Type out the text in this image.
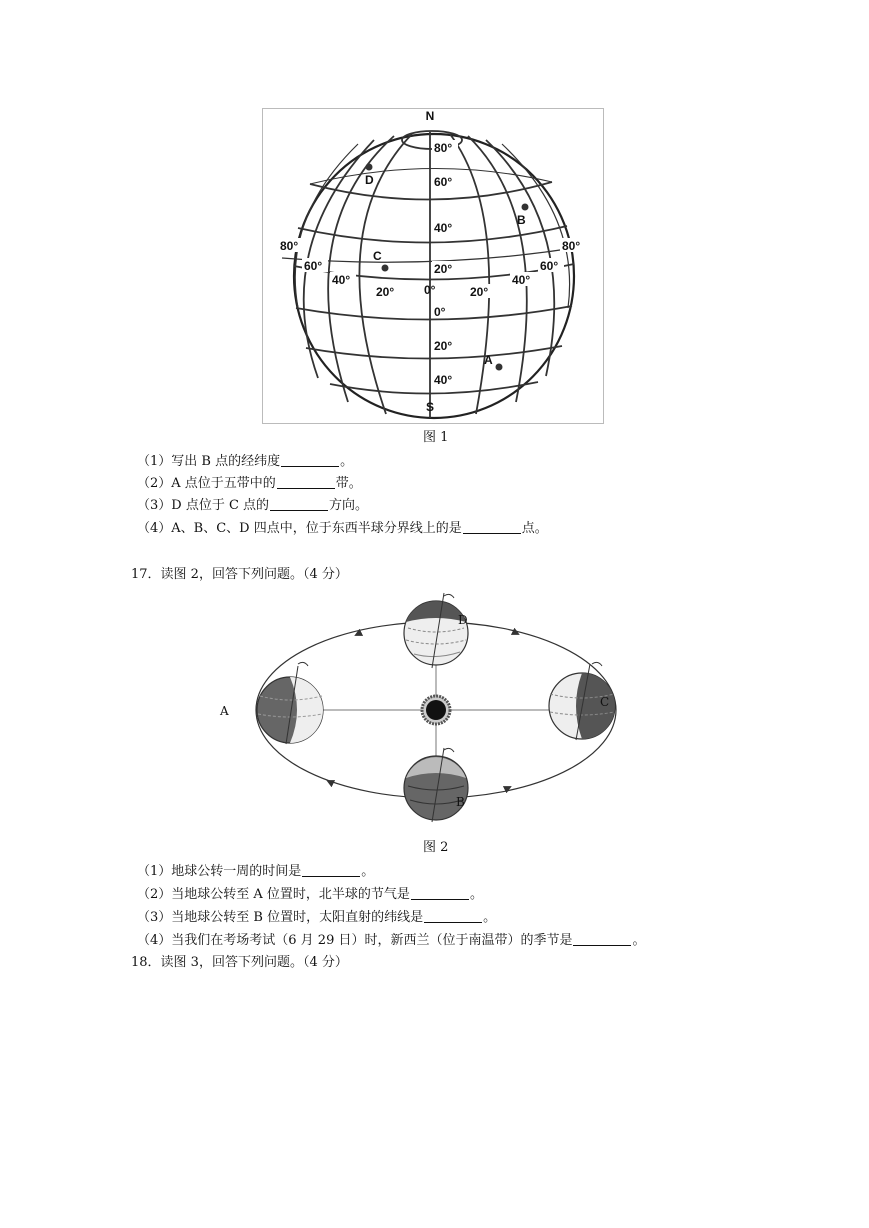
N
S
80°
60°
40°
20°
0°
20°
40°
80°
60°
40°
20° 0°	20°
40°
60°
80°
A
B
C
D
图 1
（1）写出 B 点的经纬度	。
（2）A 点位于五带中的	带。
（3）D 点位于 C 点的	方向。
（4）A、B、C、D 四点中，位于东西半球分界线上的是	点。
17．读图 2，回答下列问题。（4 分）
D
B
A
C
图 2
（1）地球公转一周的时间是	。
（2）当地球公转至 A 位置时，北半球的节气是	。
（3）当地球公转至 B 位置时，太阳直射的纬线是	。
（4）当我们在考场考试（6 月 29 日）时，新西兰（位于南温带）的季节是	。
18．读图 3，回答下列问题。（4 分）
